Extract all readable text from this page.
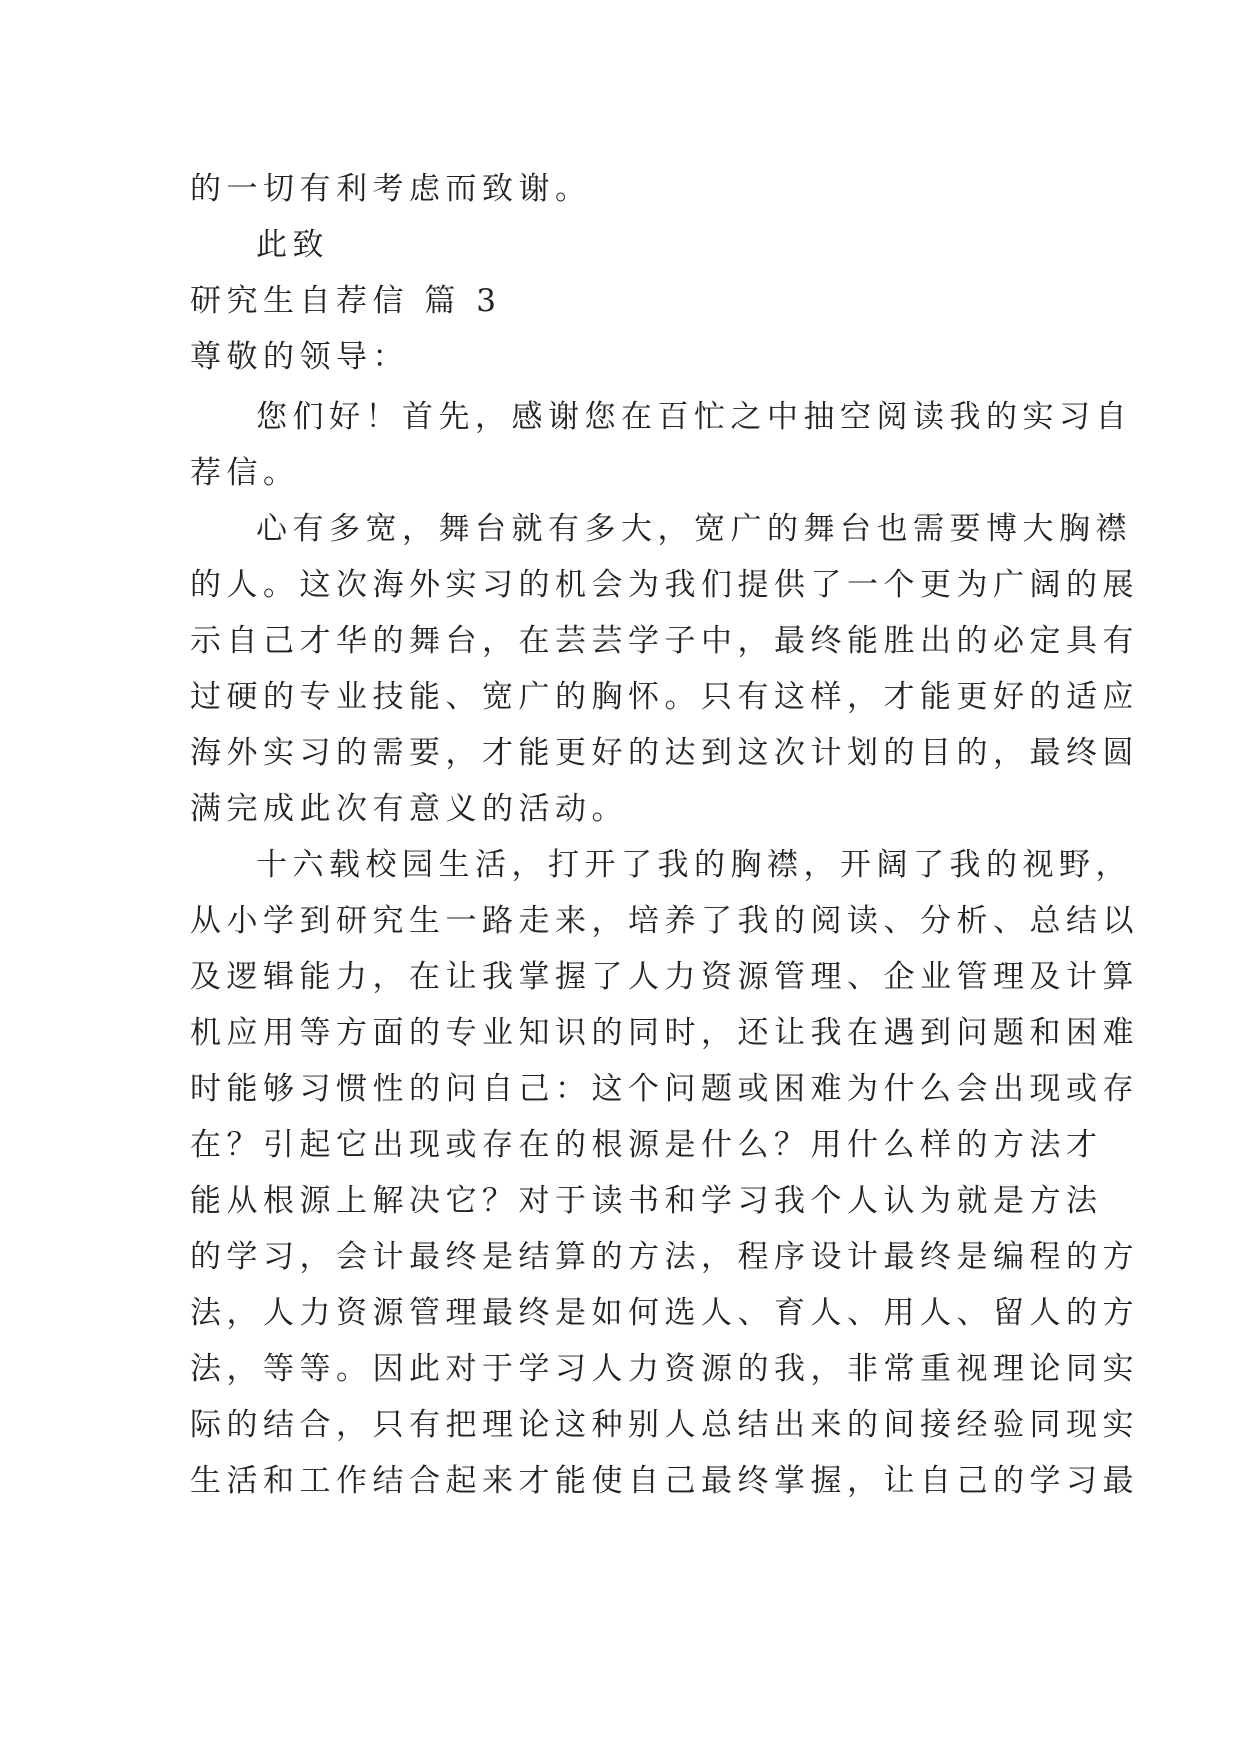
的一切有利考虑而致谢。
此致
研究生自荐信 篇 3
尊敬的领导：
您们好！首先，感谢您在百忙之中抽空阅读我的实习自
荐信。
心有多宽，舞台就有多大，宽广的舞台也需要博大胸襟
的人。这次海外实习的机会为我们提供了一个更为广阔的展
示自己才华的舞台，在芸芸学子中，最终能胜出的必定具有
过硬的专业技能、宽广的胸怀。只有这样，才能更好的适应
海外实习的需要，才能更好的达到这次计划的目的，最终圆
满完成此次有意义的活动。
十六载校园生活，打开了我的胸襟，开阔了我的视野，
从小学到研究生一路走来，培养了我的阅读、分析、总结以
及逻辑能力，在让我掌握了人力资源管理、企业管理及计算
机应用等方面的专业知识的同时，还让我在遇到问题和困难
时能够习惯性的问自己：这个问题或困难为什么会出现或存
在？引起它出现或存在的根源是什么？用什么样的方法才
能从根源上解决它？对于读书和学习我个人认为就是方法
的学习，会计最终是结算的方法，程序设计最终是编程的方
法，人力资源管理最终是如何选人、育人、用人、留人的方
法，等等。因此对于学习人力资源的我，非常重视理论同实
际的结合，只有把理论这种别人总结出来的间接经验同现实
生活和工作结合起来才能使自己最终掌握，让自己的学习最
